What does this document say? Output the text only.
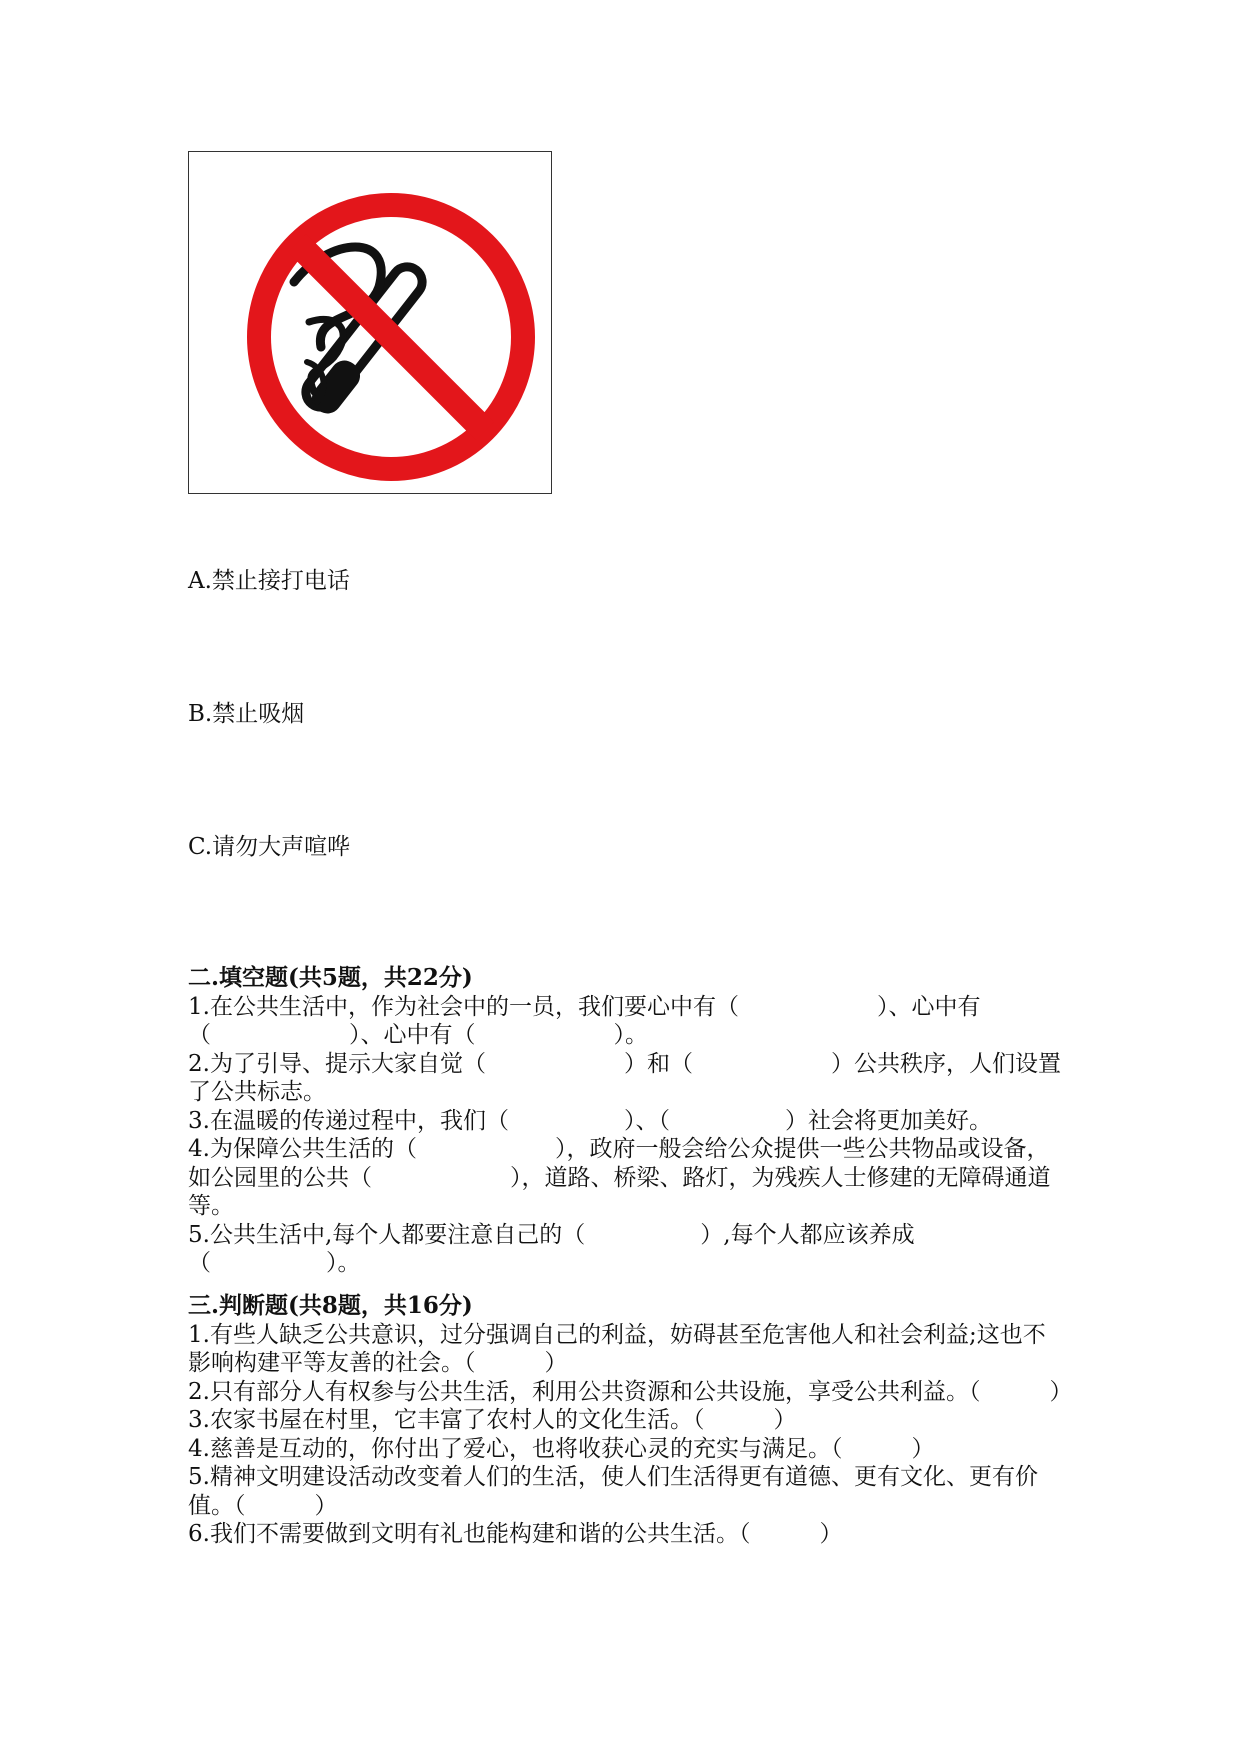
A.禁止接打电话
B.禁止吸烟
C.请勿大声喧哗
二.填空题(共5题，共22分)
1.在公共生活中，作为社会中的一员，我们要心中有（　　　　　　）、心中有（　　　　　　）、心中有（　　　　　　）。
2.为了引导、提示大家自觉（　　　　　　）和（　　　　　　）公共秩序，人们设置了公共标志。
3.在温暖的传递过程中，我们（　　　　　）、（　　　　　）社会将更加美好。
4.为保障公共生活的（　　　　　　），政府一般会给公众提供一些公共物品或设备，如公园里的公共（　　　　　　），道路、桥梁、路灯，为残疾人士修建的无障碍通道等。
5.公共生活中,每个人都要注意自己的（　　　　　）,每个人都应该养成　（　　　　　）。
三.判断题(共8题，共16分)
1.有些人缺乏公共意识，过分强调自己的利益，妨碍甚至危害他人和社会利益;这也不影响构建平等友善的社会。（　　　）
2.只有部分人有权参与公共生活，利用公共资源和公共设施，享受公共利益。（　　　）
3.农家书屋在村里，它丰富了农村人的文化生活。（　　　）
4.慈善是互动的，你付出了爱心，也将收获心灵的充实与满足。（　　　）
5.精神文明建设活动改变着人们的生活，使人们生活得更有道德、更有文化、更有价值。（　　　）
6.我们不需要做到文明有礼也能构建和谐的公共生活。（　　　）
